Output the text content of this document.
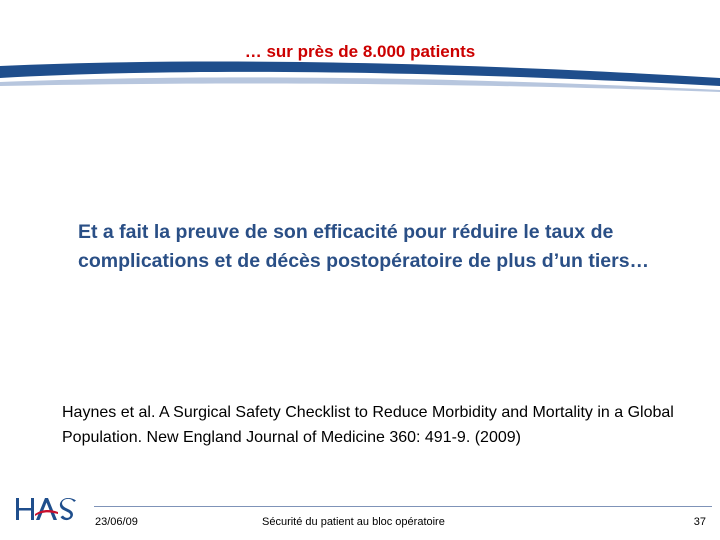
… sur près de 8.000 patients
Et a fait la preuve de son efficacité pour réduire le taux de complications et de décès postopératoire de plus d’un tiers…
Haynes et al. A Surgical Safety Checklist to Reduce Morbidity and Mortality in a Global Population. New England Journal of Medicine 360: 491-9. (2009)
23/06/09	Sécurité du patient au bloc opératoire	37
